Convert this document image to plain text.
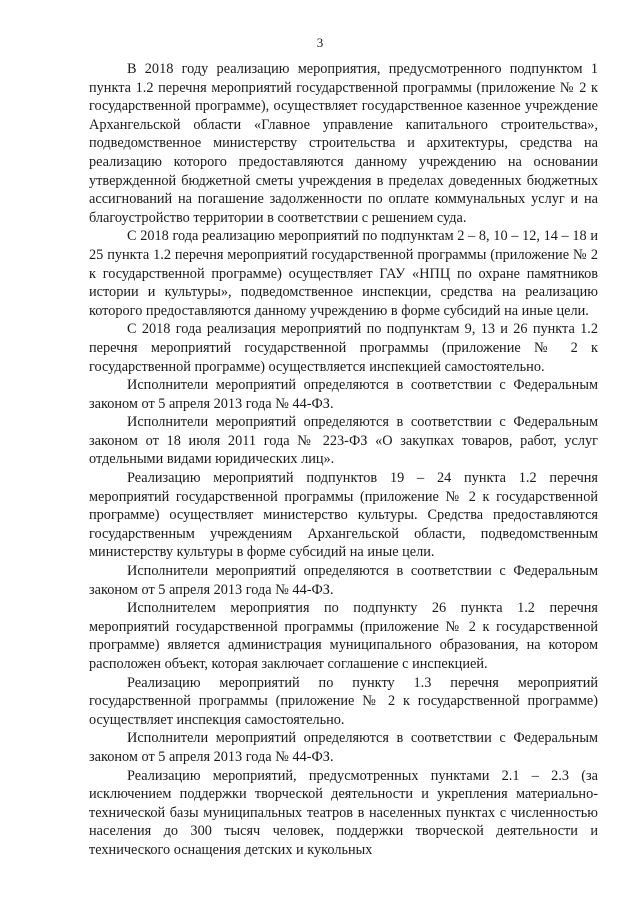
3

В 2018 году реализацию мероприятия, предусмотренного подпунктом 1 пункта 1.2 перечня мероприятий государственной программы (приложение № 2 к государственной программе), осуществляет государственное казенное учреждение Архангельской области «Главное управление капитального строительства», подведомственное министерству строительства и архитектуры, средства на реализацию которого предоставляются данному учреждению на основании утвержденной бюджетной сметы учреждения в пределах доведенных бюджетных ассигнований на погашение задолженности по оплате коммунальных услуг и на благоустройство территории в соответствии с решением суда.

С 2018 года реализацию мероприятий по подпунктам 2 – 8, 10 – 12, 14 – 18 и 25 пункта 1.2 перечня мероприятий государственной программы (приложение № 2 к государственной программе) осуществляет ГАУ «НПЦ по охране памятников истории и культуры», подведомственное инспекции, средства на реализацию которого предоставляются данному учреждению в форме субсидий на иные цели.

С 2018 года реализация мероприятий по подпунктам 9, 13 и 26 пункта 1.2 перечня мероприятий государственной программы (приложение № 2 к государственной программе) осуществляется инспекцией самостоятельно.

Исполнители мероприятий определяются в соответствии с Федеральным законом от 5 апреля 2013 года № 44-ФЗ.

Исполнители мероприятий определяются в соответствии с Федеральным законом от 18 июля 2011 года № 223-ФЗ «О закупках товаров, работ, услуг отдельными видами юридических лиц».

Реализацию мероприятий подпунктов 19 – 24 пункта 1.2 перечня мероприятий государственной программы (приложение № 2 к государственной программе) осуществляет министерство культуры. Средства предоставляются государственным учреждениям Архангельской области, подведомственным министерству культуры в форме субсидий на иные цели.

Исполнители мероприятий определяются в соответствии с Федеральным законом от 5 апреля 2013 года № 44-ФЗ.

Исполнителем мероприятия по подпункту 26 пункта 1.2 перечня мероприятий государственной программы (приложение № 2 к государственной программе) является администрация муниципального образования, на котором расположен объект, которая заключает соглашение с инспекцией.

Реализацию мероприятий по пункту 1.3 перечня мероприятий государственной программы (приложение № 2 к государственной программе) осуществляет инспекция самостоятельно.

Исполнители мероприятий определяются в соответствии с Федеральным законом от 5 апреля 2013 года № 44-ФЗ.

Реализацию мероприятий, предусмотренных пунктами 2.1 – 2.3 (за исключением поддержки творческой деятельности и укрепления материально-технической базы муниципальных театров в населенных пунктах с численностью населения до 300 тысяч человек, поддержки творческой деятельности и технического оснащения детских и кукольных
